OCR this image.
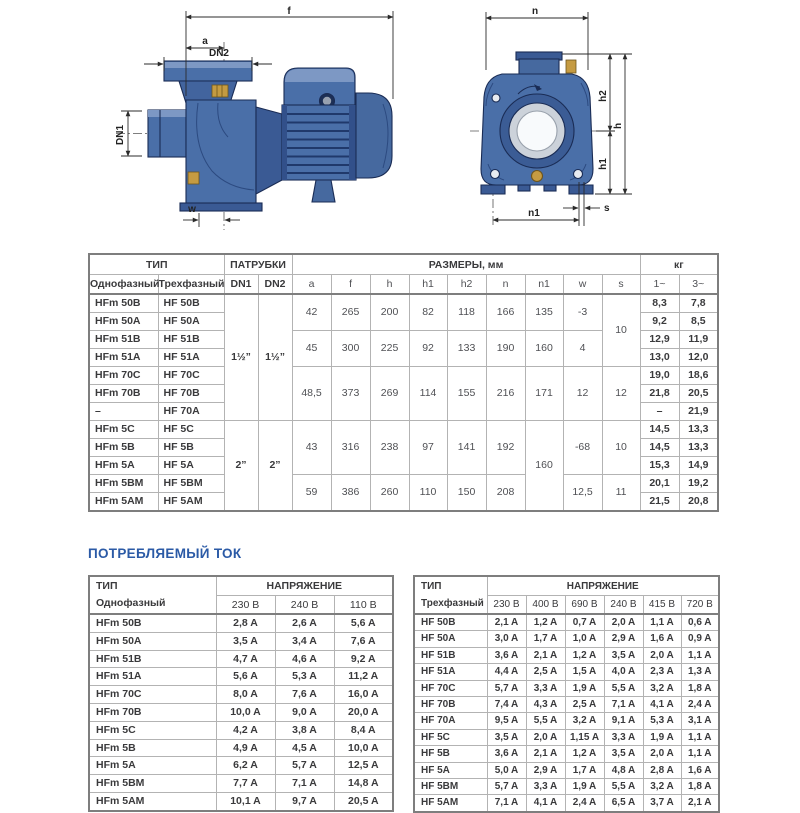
f
a
DN2
DN1
w
n
h2
h1
h
n1	s
ТИП		ПАТРУБКИ		РАЗМЕРЫ, мм									кг	
Однофазный	Трехфазный	DN1	DN2	a	f	h	h1	h2	n	n1	w	s	1~	3~
HFm 50B	HF 50B	1½”	1½”	42	265	200	82	118	166	135	-3	10	8,3	7,8
HFm 50A	HF 50A												9,2	8,5
HFm 51B	HF 51B			45	300	225	92	133	190	160	4		12,9	11,9
HFm 51A	HF 51A												13,0	12,0
HFm 70C	HF 70C			48,5	373	269	114	155	216	171	12	12	19,0	18,6
HFm 70B	HF 70B												21,8	20,5
–	HF 70A												–	21,9
HFm 5C	HF 5C	2”	2”	43	316	238	97	141	192	160	-68	10	14,5	13,3
HFm 5B	HF 5B												14,5	13,3
HFm 5A	HF 5A												15,3	14,9
HFm 5BM	HF 5BM			59	386	260	110	150	208		12,5	11	20,1	19,2
HFm 5AM	HF 5AM												21,5	20,8
ПОТРЕБЛЯЕМЫЙ ТОК
ТИП
Однофазный	НАПРЯЖЕНИЕ		
	230 В	240 В	110 В
HFm 50B	2,8 A	2,6 A	5,6 A
HFm 50A	3,5 A	3,4 A	7,6 A
HFm 51B	4,7 A	4,6 A	9,2 A
HFm 51A	5,6 A	5,3 A	11,2 A
HFm 70C	8,0 A	7,6 A	16,0 A
HFm 70B	10,0 A	9,0 A	20,0 A
HFm 5C	4,2 A	3,8 A	8,4 A
HFm 5B	4,9 A	4,5 A	10,0 A
HFm 5A	6,2 A	5,7 A	12,5 A
HFm 5BM	7,7 A	7,1 A	14,8 A
HFm 5AM	10,1 A	9,7 A	20,5 A
ТИП
Трехфазный	НАПРЯЖЕНИЕ					
	230 В	400 В	690 В	240 В	415 В	720 В
HF 50B	2,1 A	1,2 A	0,7 A	2,0 A	1,1 A	0,6 A
HF 50A	3,0 A	1,7 A	1,0 A	2,9 A	1,6 A	0,9 A
HF 51B	3,6 A	2,1 A	1,2 A	3,5 A	2,0 A	1,1 A
HF 51A	4,4 A	2,5 A	1,5 A	4,0 A	2,3 A	1,3 A
HF 70C	5,7 A	3,3 A	1,9 A	5,5 A	3,2 A	1,8 A
HF 70B	7,4 A	4,3 A	2,5 A	7,1 A	4,1 A	2,4 A
HF 70A	9,5 A	5,5 A	3,2 A	9,1 A	5,3 A	3,1 A
HF 5C	3,5 A	2,0 A	1,15 A	3,3 A	1,9 A	1,1 A
HF 5B	3,6 A	2,1 A	1,2 A	3,5 A	2,0 A	1,1 A
HF 5A	5,0 A	2,9 A	1,7 A	4,8 A	2,8 A	1,6 A
HF 5BM	5,7 A	3,3 A	1,9 A	5,5 A	3,2 A	1,8 A
HF 5AM	7,1 A	4,1 A	2,4 A	6,5 A	3,7 A	2,1 A
